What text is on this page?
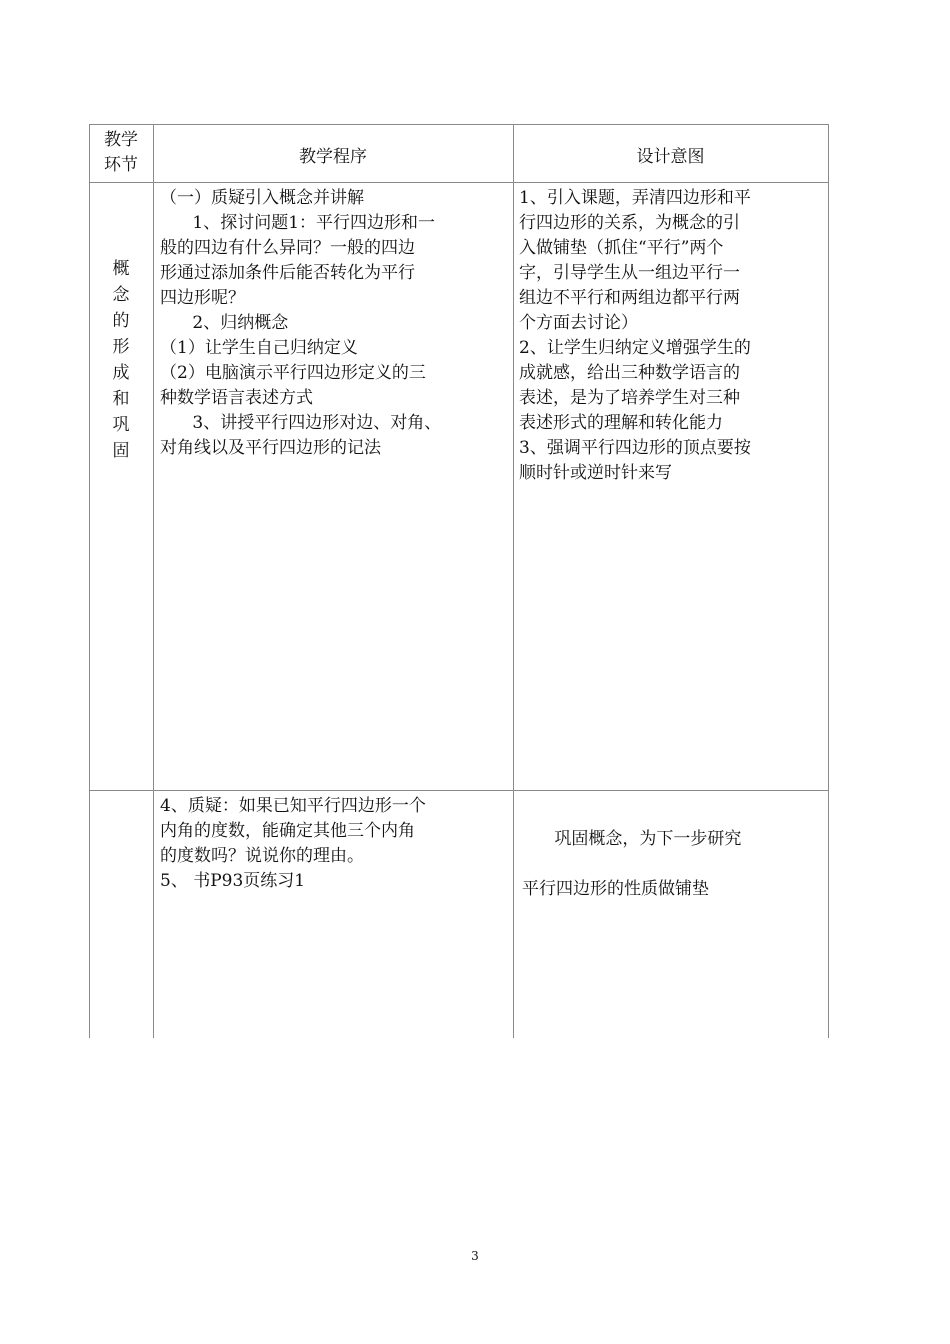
教学
环节	教学程序	设计意图
概
念
的
形
成
和
巩
固

（一）质疑引入概念并讲解

1、探讨问题1：平行四边形和一

般的四边有什么异同？一般的四边

形通过添加条件后能否转化为平行

四边形呢？

2、归纳概念

（1）让学生自己归纳定义

（2）电脑演示平行四边形定义的三

种数学语言表述方式

3、讲授平行四边形对边、对角、

对角线以及平行四边形的记法

1、引入课题，弄清四边形和平

行四边形的关系，为概念的引

入做铺垫（抓住“平行”两个

字，引导学生从一组边平行一

组边不平行和两组边都平行两

个方面去讨论）

2、让学生归纳定义增强学生的

成就感，给出三种数学语言的

表述，是为了培养学生对三种

表述形式的理解和转化能力

3、强调平行四边形的顶点要按

顺时针或逆时针来写

4、质疑：如果已知平行四边形一个

内角的度数，能确定其他三个内角

的度数吗？说说你的理由。

5、 书P93页练习1

巩固概念，为下一步研究

平行四边形的性质做铺垫

3
